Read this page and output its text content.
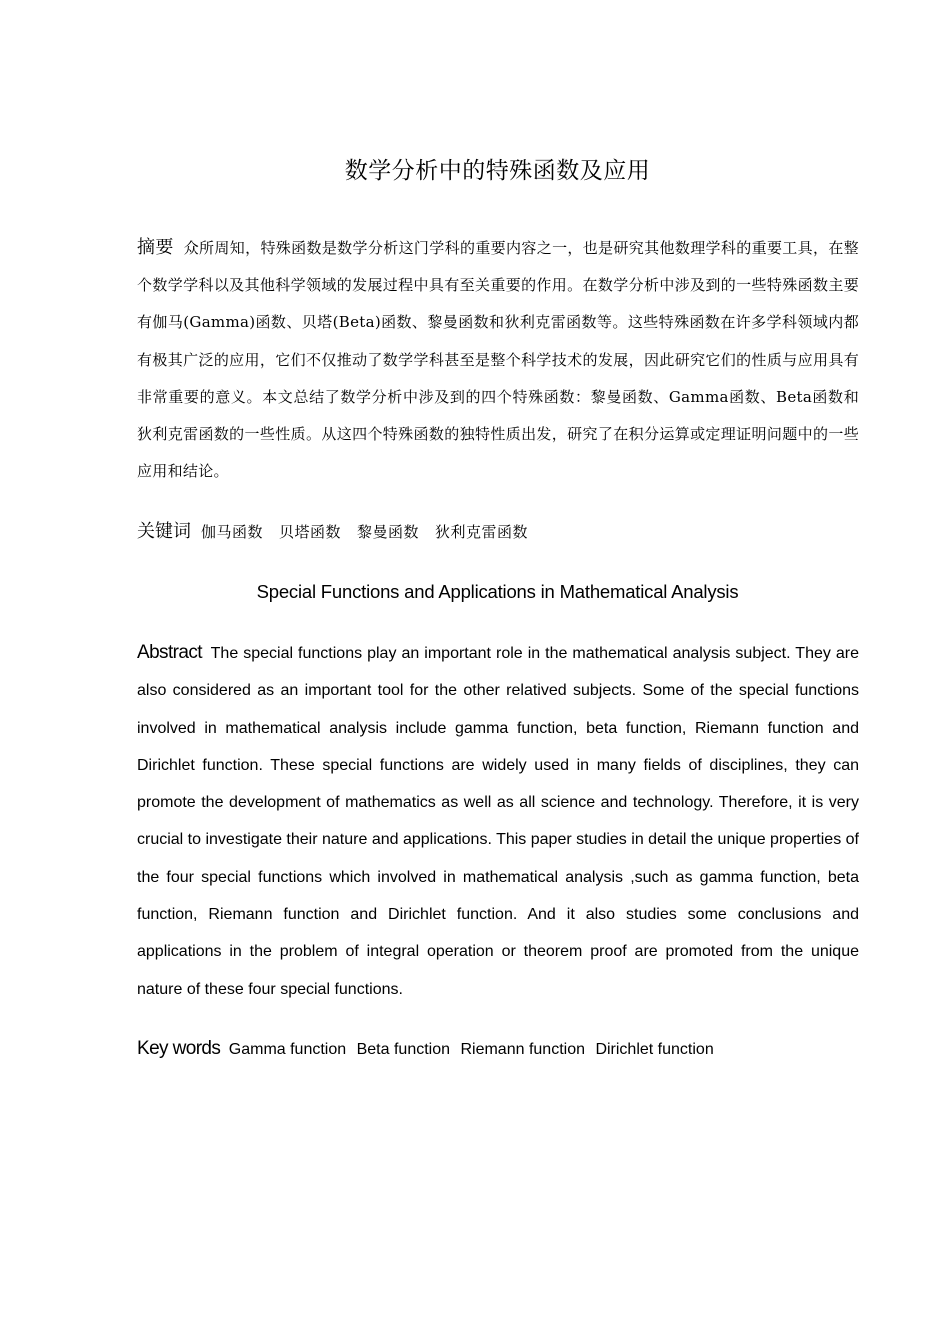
数学分析中的特殊函数及应用

摘要 众所周知，特殊函数是数学分析这门学科的重要内容之一，也是研究其他数理学科的重要工具，在整个数学学科以及其他科学领域的发展过程中具有至关重要的作用。在数学分析中涉及到的一些特殊函数主要有伽马(Gamma)函数、贝塔(Beta)函数、黎曼函数和狄利克雷函数等。这些特殊函数在许多学科领域内都有极其广泛的应用，它们不仅推动了数学学科甚至是整个科学技术的发展，因此研究它们的性质与应用具有非常重要的意义。本文总结了数学分析中涉及到的四个特殊函数：黎曼函数、Gamma函数、Beta函数和狄利克雷函数的一些性质。从这四个特殊函数的独特性质出发，研究了在积分运算或定理证明问题中的一些应用和结论。

关键词 伽马函数 贝塔函数 黎曼函数 狄利克雷函数

Special Functions and Applications in Mathematical Analysis

Abstract The special functions play an important role in the mathematical analysis subject. They are also considered as an important tool for the other relatived subjects. Some of the special functions involved in mathematical analysis include gamma function, beta function, Riemann function and Dirichlet function. These special functions are widely used in many fields of disciplines, they can promote the development of mathematics as well as all science and technology. Therefore, it is very crucial to investigate their nature and applications. This paper studies in detail the unique properties of the four special functions which involved in mathematical analysis ,such as gamma function, beta function, Riemann function and Dirichlet function. And it also studies some conclusions and applications in the problem of integral operation or theorem proof are promoted from the unique nature of these four special functions.

Key words Gamma function Beta function Riemann function Dirichlet function
